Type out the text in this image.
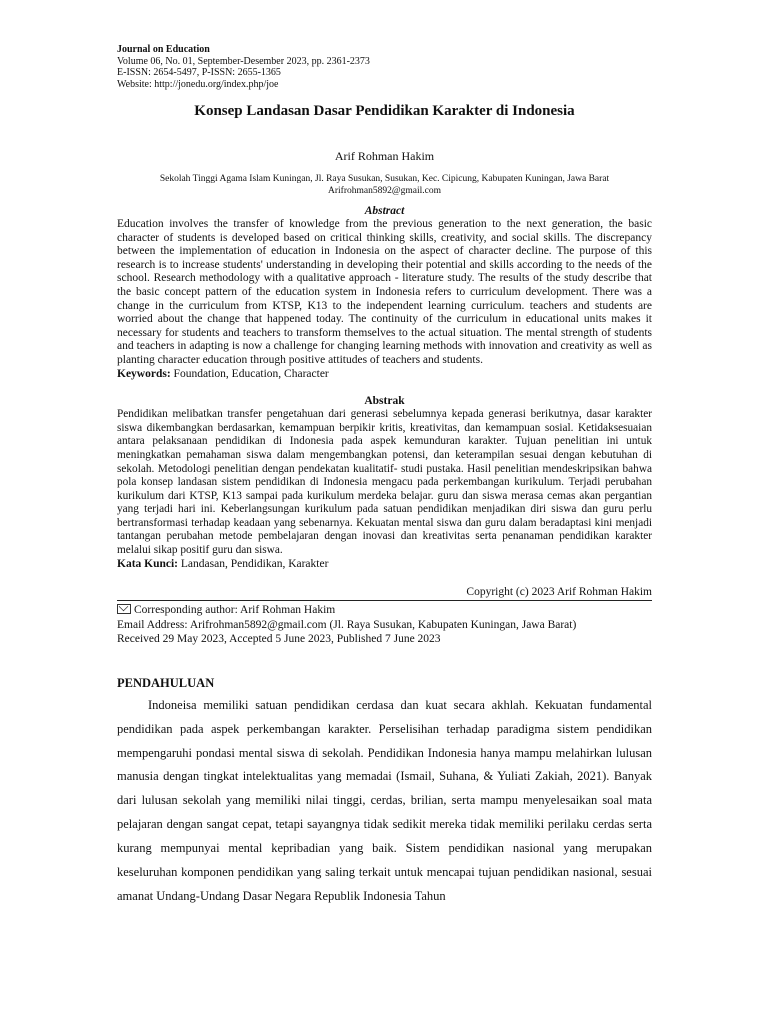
Journal on Education
Volume 06, No. 01, September-Desember 2023, pp. 2361-2373
E-ISSN: 2654-5497, P-ISSN: 2655-1365
Website: http://jonedu.org/index.php/joe
Konsep Landasan Dasar Pendidikan Karakter di Indonesia
Arif Rohman Hakim
Sekolah Tinggi Agama Islam Kuningan, Jl. Raya Susukan, Susukan, Kec. Cipicung, Kabupaten Kuningan, Jawa Barat
Arifrohman5892@gmail.com
Abstract
Education involves the transfer of knowledge from the previous generation to the next generation, the basic character of students is developed based on critical thinking skills, creativity, and social skills. The discrepancy between the implementation of education in Indonesia on the aspect of character decline. The purpose of this research is to increase students' understanding in developing their potential and skills according to the needs of the school. Research methodology with a qualitative approach - literature study. The results of the study describe that the basic concept pattern of the education system in Indonesia refers to curriculum development. There was a change in the curriculum from KTSP, K13 to the independent learning curriculum. teachers and students are worried about the change that happened today. The continuity of the curriculum in educational units makes it necessary for students and teachers to transform themselves to the actual situation. The mental strength of students and teachers in adapting is now a challenge for changing learning methods with innovation and creativity as well as planting character education through positive attitudes of teachers and students.
Keywords: Foundation, Education, Character
Abstrak
Pendidikan melibatkan transfer pengetahuan dari generasi sebelumnya kepada generasi berikutnya, dasar karakter siswa dikembangkan berdasarkan, kemampuan berpikir kritis, kreativitas, dan kemampuan sosial. Ketidaksesuaian antara pelaksanaan pendidikan di Indonesia pada aspek kemunduran karakter. Tujuan penelitian ini untuk meningkatkan pemahaman siswa dalam mengembangkan potensi, dan keterampilan sesuai dengan kebutuhan di sekolah. Metodologi penelitian dengan pendekatan kualitatif- studi pustaka. Hasil penelitian mendeskripsikan bahwa pola konsep landasan sistem pendidikan di Indonesia mengacu pada perkembangan kurikulum. Terjadi perubahan kurikulum dari KTSP, K13 sampai pada kurikulum merdeka belajar. guru dan siswa merasa cemas akan pergantian yang terjadi hari ini. Keberlangsungan kurikulum pada satuan pendidikan menjadikan diri siswa dan guru perlu bertransformasi terhadap keadaan yang sebenarnya. Kekuatan mental siswa dan guru dalam beradaptasi kini menjadi tantangan perubahan metode pembelajaran dengan inovasi dan kreativitas serta penanaman pendidikan karakter melalui sikap positif guru dan siswa.
Kata Kunci: Landasan, Pendidikan, Karakter
Copyright (c) 2023 Arif Rohman Hakim
Corresponding author: Arif Rohman Hakim
Email Address: Arifrohman5892@gmail.com (Jl. Raya Susukan, Kabupaten Kuningan, Jawa Barat)
Received 29 May 2023, Accepted 5 June 2023, Published 7 June 2023
PENDAHULUAN
Indoneisa memiliki satuan pendidikan cerdasa dan kuat secara akhlah. Kekuatan fundamental pendidikan pada aspek perkembangan karakter. Perselisihan terhadap paradigma sistem pendidikan mempengaruhi pondasi mental siswa di sekolah. Pendidikan Indonesia hanya mampu melahirkan lulusan manusia dengan tingkat intelektualitas yang memadai (Ismail, Suhana, & Yuliati Zakiah, 2021). Banyak dari lulusan sekolah yang memiliki nilai tinggi, cerdas, brilian, serta mampu menyelesaikan soal mata pelajaran dengan sangat cepat, tetapi sayangnya tidak sedikit mereka tidak memiliki perilaku cerdas serta kurang mempunyai mental kepribadian yang baik. Sistem pendidikan nasional yang merupakan keseluruhan komponen pendidikan yang saling terkait untuk mencapai tujuan pendidikan nasional, sesuai amanat Undang-Undang Dasar Negara Republik Indonesia Tahun
